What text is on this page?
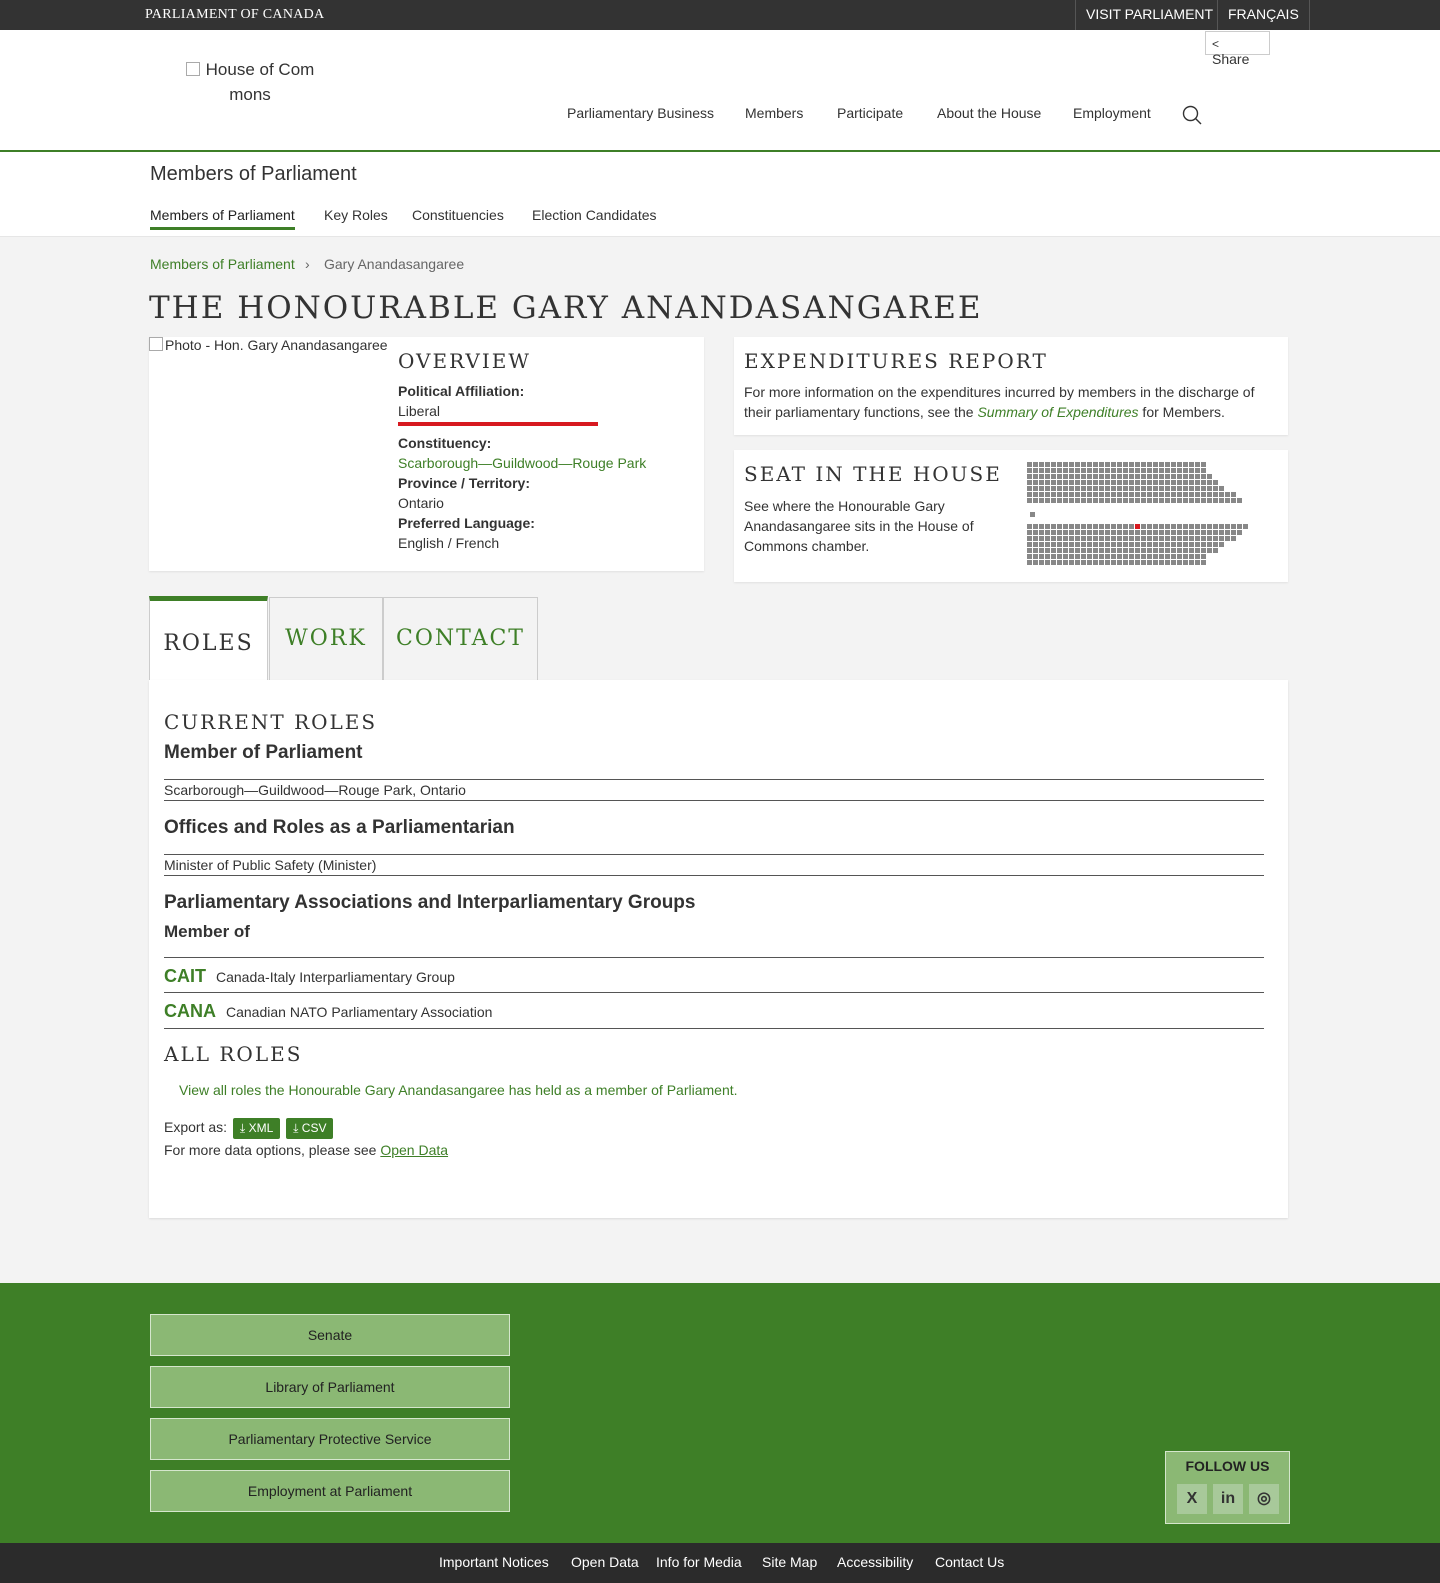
PARLIAMENT OF CANADA	VISIT PARLIAMENT	FRANÇAIS
<Share
House of Com
mons
Parliamentary Business Members Participate About the House Employment
Members of Parliament
Members of Parliament Key Roles Constituencies Election Candidates
Members of Parliament › Gary Anandasangaree
THE HONOURABLE GARY ANANDASANGAREE
Photo - Hon. Gary Anandasangaree
OVERVIEW
Political Affiliation:
Liberal
Constituency:
Scarborough—Guildwood—Rouge Park
Province / Territory:
Ontario
Preferred Language:
English / French
EXPENDITURES REPORT
For more information on the expenditures incurred by members in the discharge of their parliamentary functions, see the Summary of Expenditures for Members.
SEAT IN THE HOUSE
See where the Honourable Gary Anandasangaree sits in the House of Commons chamber.
ROLES	WORK	CONTACT
CURRENT ROLES
Member of Parliament
Scarborough—Guildwood—Rouge Park, Ontario
Offices and Roles as a Parliamentarian
Minister of Public Safety (Minister)
Parliamentary Associations and Interparliamentary Groups
Member of
CAIT Canada-Italy Interparliamentary Group
CANA Canadian NATO Parliamentary Association
ALL ROLES
View all roles the Honourable Gary Anandasangaree has held as a member of Parliament.
Export as: ⤓ XML ⤓ CSV
For more data options, please see Open Data
Senate
Library of Parliament
Parliamentary Protective Service
Employment at Parliament
FOLLOW US
X	in	◎
Important Notices Open Data Info for Media Site Map Accessibility Contact Us
